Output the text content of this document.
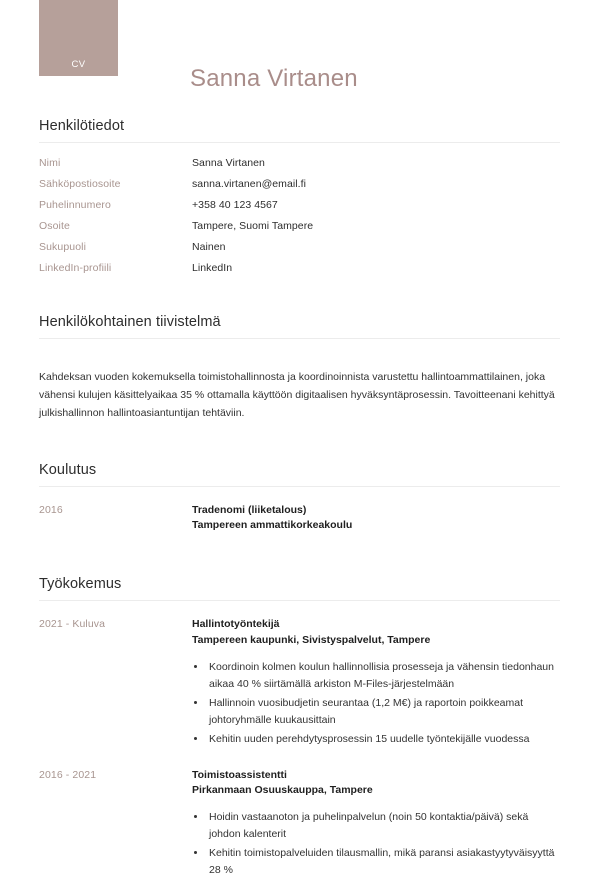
CV
Sanna Virtanen
Henkilötiedot
Nimi	Sanna Virtanen
Sähköpostiosoite	sanna.virtanen@email.fi
Puhelinnumero	+358 40 123 4567
Osoite	Tampere, Suomi Tampere
Sukupuoli	Nainen
LinkedIn-profiili	LinkedIn
Henkilökohtainen tiivistelmä

Kahdeksan vuoden kokemuksella toimistohallinnosta ja koordinoinnista varustettu hallintoammattilainen, joka vähensi kulujen käsittelyaikaa 35 % ottamalla käyttöön digitaalisen hyväksyntäprosessin. Tavoitteenani kehittyä julkishallinnon hallintoasiantuntijan tehtäviin.

Koulutus
2016	Tradenomi (liiketalous)
Tampereen ammattikorkeakoulu
Työkokemus
2021 - Kuluva	Hallintotyöntekijä
Tampereen kaupunki, Sivistyspalvelut, Tampere
• Koordinoin kolmen koulun hallinnollisia prosesseja ja vähensin tiedonhaun aikaa 40 % siirtämällä arkiston M-Files-järjestelmään
• Hallinnoin vuosibudjetin seurantaa (1,2 M€) ja raportoin poikkeamat johtoryhmälle kuukausittain
• Kehitin uuden perehdytysprosessin 15 uudelle työntekijälle vuodessa
2016 - 2021	Toimistoassistentti
Pirkanmaan Osuuskauppa, Tampere
• Hoidin vastaanoton ja puhelinpalvelun (noin 50 kontaktia/päivä) sekä johdon kalenterit
• Kehitin toimistopalveluiden tilausmallin, mikä paransi asiakastyytyväisyyttä 28 %
